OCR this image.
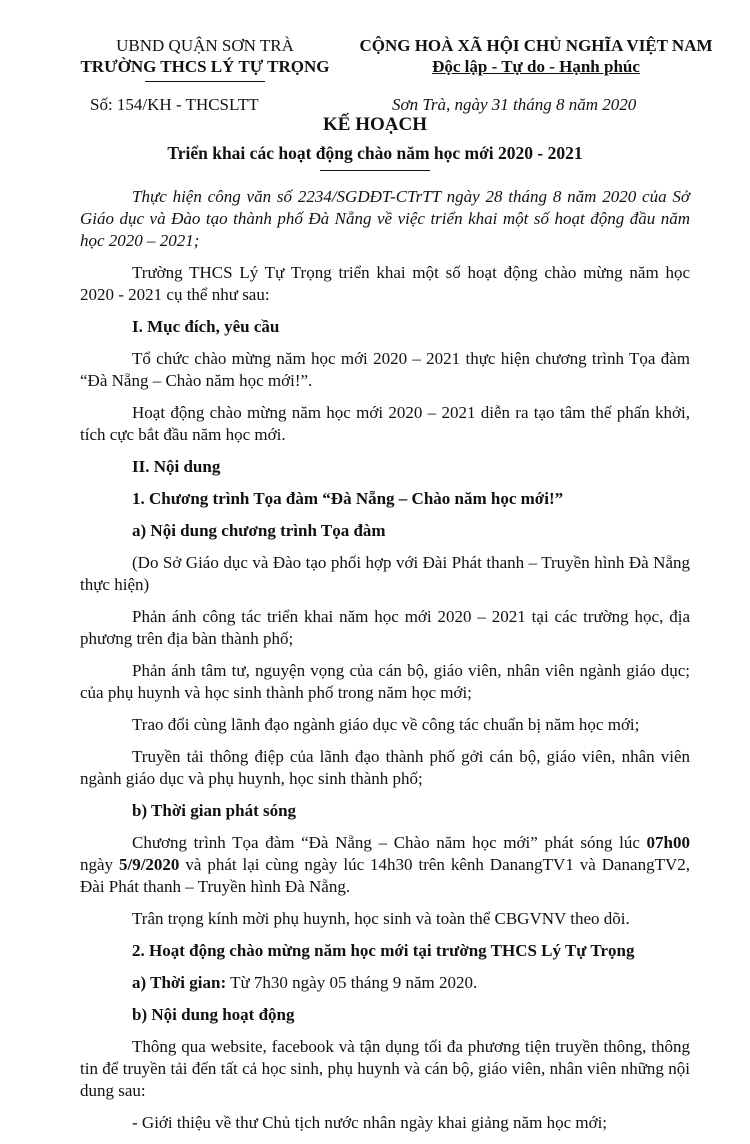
UBND QUẬN SƠN TRÀ
TRƯỜNG THCS LÝ TỰ TRỌNG
CỘNG HOÀ XÃ HỘI CHỦ NGHĨA VIỆT NAM
Độc lập - Tự do - Hạnh phúc
Số: 154/KH - THCSLTT	Sơn Trà, ngày 31 tháng 8 năm 2020
KẾ HOẠCH
Triển khai các hoạt động chào năm học mới 2020 - 2021

Thực hiện công văn số 2234/SGDĐT-CTrTT ngày 28 tháng 8 năm 2020 của Sở Giáo dục và Đào tạo thành phố Đà Nẵng về việc triển khai một số hoạt động đầu năm học 2020 – 2021;

Trường THCS Lý Tự Trọng triển khai một số hoạt động chào mừng năm học 2020 - 2021 cụ thể như sau:

I. Mục đích, yêu cầu

Tổ chức chào mừng năm học mới 2020 – 2021 thực hiện chương trình Tọa đàm “Đà Nẵng – Chào năm học mới!”.

Hoạt động chào mừng năm học mới 2020 – 2021 diễn ra tạo tâm thế phấn khởi, tích cực bắt đầu năm học mới.

II. Nội dung

1. Chương trình Tọa đàm “Đà Nẵng – Chào năm học mới!”

a) Nội dung chương trình Tọa đàm

(Do Sở Giáo dục và Đào tạo phối hợp với Đài Phát thanh – Truyền hình Đà Nẵng thực hiện)

Phản ánh công tác triển khai năm học mới 2020 – 2021 tại các trường học, địa phương trên địa bàn thành phố;

Phản ánh tâm tư, nguyện vọng của cán bộ, giáo viên, nhân viên ngành giáo dục; của phụ huynh và học sinh thành phố trong năm học mới;

Trao đổi cùng lãnh đạo ngành giáo dục về công tác chuẩn bị năm học mới;

Truyền tải thông điệp của lãnh đạo thành phố gởi cán bộ, giáo viên, nhân viên ngành giáo dục và phụ huynh, học sinh thành phố;

b) Thời gian phát sóng

Chương trình Tọa đàm “Đà Nẵng – Chào năm học mới” phát sóng lúc 07h00 ngày 5/9/2020 và phát lại cùng ngày lúc 14h30 trên kênh DanangTV1 và DanangTV2, Đài Phát thanh – Truyền hình Đà Nẵng.

Trân trọng kính mời phụ huynh, học sinh và toàn thể CBGVNV theo dõi.

2. Hoạt động chào mừng năm học mới tại trường THCS Lý Tự Trọng

a) Thời gian: Từ 7h30 ngày 05 tháng 9 năm 2020.

b) Nội dung hoạt động

Thông qua website, facebook và tận dụng tối đa phương tiện truyền thông, thông tin để truyền tải đến tất cả học sinh, phụ huynh và cán bộ, giáo viên, nhân viên những nội dung sau:

- Giới thiệu về thư Chủ tịch nước nhân ngày khai giảng năm học mới;
